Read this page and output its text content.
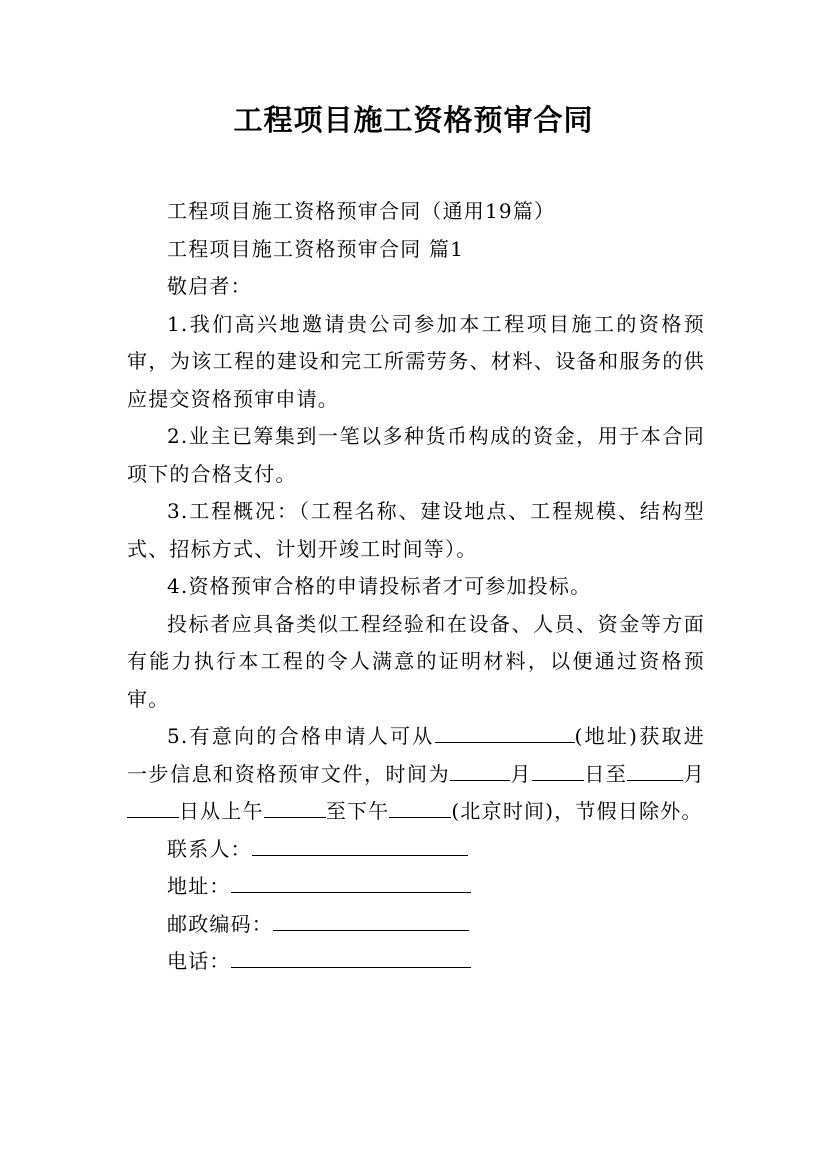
工程项目施工资格预审合同

工程项目施工资格预审合同（通用19篇）

工程项目施工资格预审合同 篇1

敬启者：

1.我们高兴地邀请贵公司参加本工程项目施工的资格预审，为该工程的建设和完工所需劳务、材料、设备和服务的供应提交资格预审申请。

2.业主已筹集到一笔以多种货币构成的资金，用于本合同项下的合格支付。

3.工程概况：（工程名称、建设地点、工程规模、结构型式、招标方式、计划开竣工时间等）。

4.资格预审合格的申请投标者才可参加投标。

投标者应具备类似工程经验和在设备、人员、资金等方面有能力执行本工程的令人满意的证明材料，以便通过资格预审。

5.有意向的合格申请人可从	(地址)获取进一步信息和资格预审文件，时间为	月	日至	月日从上午	至下午	(北京时间)，节假日除外。

联系人：

地址：

邮政编码：

电话：
